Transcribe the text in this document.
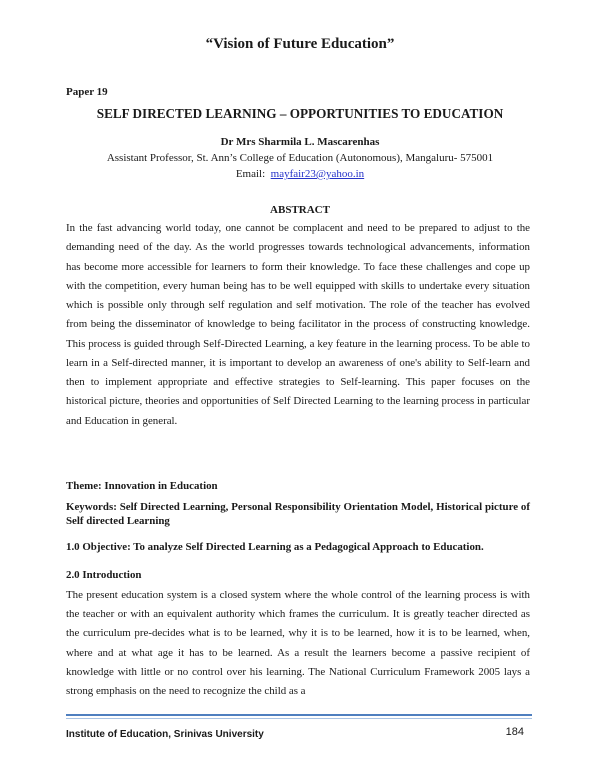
“Vision of Future Education”

Paper 19

SELF DIRECTED LEARNING – OPPORTUNITIES TO EDUCATION
Dr Mrs Sharmila L. Mascarenhas
Assistant Professor, St. Ann’s College of Education (Autonomous), Mangaluru- 575001
Email: mayfair23@yahoo.in
ABSTRACT

In the fast advancing world today, one cannot be complacent and need to be prepared to adjust to the demanding need of the day. As the world progresses towards technological advancements, information has become more accessible for learners to form their knowledge. To face these challenges and cope up with the competition, every human being has to be well equipped with skills to undertake every situation which is possible only through self regulation and self motivation. The role of the teacher has evolved from being the disseminator of knowledge to being facilitator in the process of constructing knowledge. This process is guided through Self-Directed Learning, a key feature in the learning process. To be able to learn in a Self-directed manner, it is important to develop an awareness of one's ability to Self-learn and then to implement appropriate and effective strategies to Self-learning. This paper focuses on the historical picture, theories and opportunities of Self Directed Learning to the learning process in particular and Education in general.

Theme: Innovation in Education

Keywords: Self Directed Learning, Personal Responsibility Orientation Model, Historical picture of Self directed Learning

1.0 Objective: To analyze Self Directed Learning as a Pedagogical Approach to Education.

2.0 Introduction

The present education system is a closed system where the whole control of the learning process is with the teacher or with an equivalent authority which frames the curriculum. It is greatly teacher directed as the curriculum pre-decides what is to be learned, why it is to be learned, how it is to be learned, when, where and at what age it has to be learned. As a result the learners become a passive recipient of knowledge with little or no control over his learning. The National Curriculum Framework 2005 lays a strong emphasis on the need to recognize the child as a

Institute of Education, Srinivas University	184
